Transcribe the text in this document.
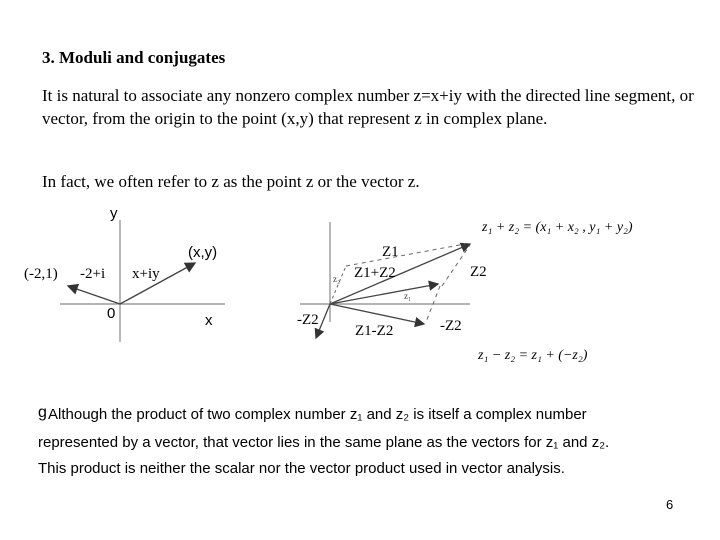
3. Moduli and conjugates
It is natural to associate any nonzero complex number z=x+iy with the directed line segment, or vector, from the origin to the point (x,y) that represent z in complex plane.
In fact, we often refer to z as the point z or the vector z.
y
x
0
(x,y)
x+iy
(-2,1) -2+i
z₁ + z₂ = (x₁ + x₂ , y₁ + y₂)
Z1
Z1+Z2	Z2
z₁
z₂
-Z2
Z1-Z2	-Z2
z₁ − z₂ = z₁ + (−z₂)
g Although the product of two complex number z₁ and z₂ is itself a complex number
represented by a vector, that vector lies in the same plane as the vectors for z₁ and z₂.
This product is neither the scalar nor the vector product used in vector analysis.
6
